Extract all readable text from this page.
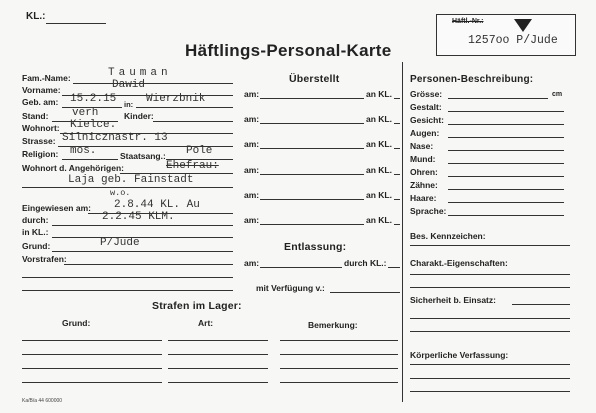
KL.:
Häftlings-Personal-Karte
Häftl.-Nr.:
1257oo P/Jude
Fam.-Name:	Tauman
Vorname:	Dawid
Geb. am: 15.2.15 in: Wierzbnik
Stand: verh	Kinder:
Wohnort: Kielce.
Strasse: Silnicznastr. 13
Religion: mos.	Staatsang.: Pole
Wohnort d. Angehörigen:	Ehefrau:
Laja geb. Fainstadt
w.o.
Eingewiesen am: 2.8.44 KL. Au
durch:	2.2.45 KLM.
in KL.:
Grund:	P/Jude
Vorstrafen:
Überstellt
am:	an KL.
am:	an KL.
am:	an KL.
am:	an KL.
am:	an KL.
am:	an KL.
Entlassung:
am:	durch KL.:
mit Verfügung v.:
Personen-Beschreibung:
Grösse:	cm
Gestalt:
Gesicht:
Augen:
Nase:
Mund:
Ohren:
Zähne:
Haare:
Sprache:
Bes. Kennzeichen:
Charakt.-Eigenschaften:
Sicherheit b. Einsatz:
Körperliche Verfassung:
Strafen im Lager:
Grund:	Art:	Bemerkung:
Ka/B/a 44 600000
